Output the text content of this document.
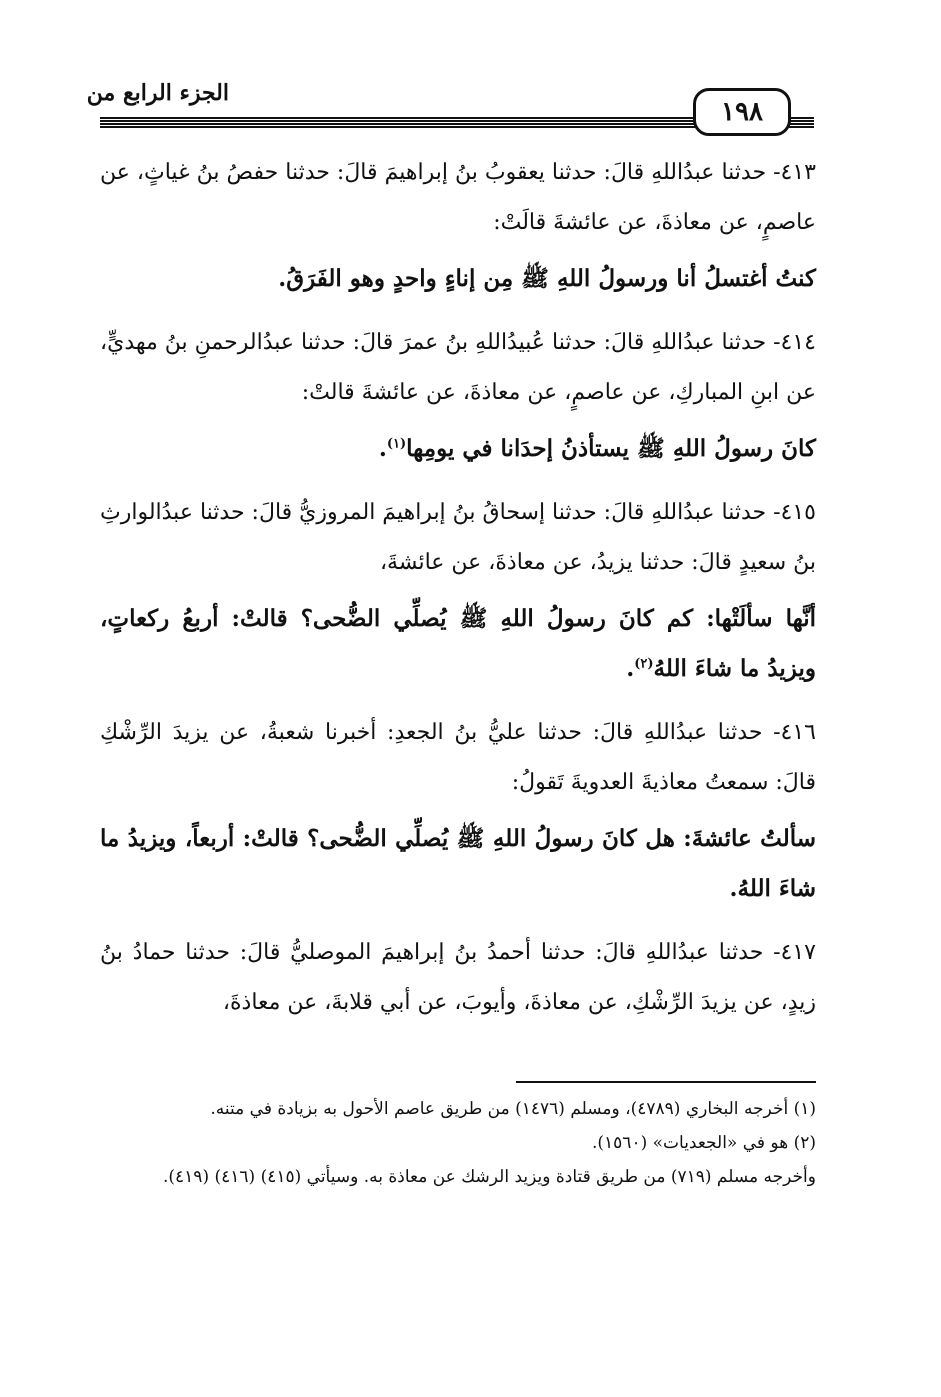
الجزء الرابع من
١٩٨

٤١٣- حدثنا عبدُاللهِ قالَ: حدثنا يعقوبُ بنُ إبراهيمَ قالَ: حدثنا حفصُ بنُ غياثٍ، عن عاصمٍ، عن معاذةَ، عن عائشةَ قالَتْ:

كنتُ أغتسلُ أنا ورسولُ اللهِ ﷺ مِن إناءٍ واحدٍ وهو الفَرَقُ.

٤١٤- حدثنا عبدُاللهِ قالَ: حدثنا عُبيدُاللهِ بنُ عمرَ قالَ: حدثنا عبدُالرحمنِ بنُ مهديٍّ، عن ابنِ المباركِ، عن عاصمٍ، عن معاذةَ، عن عائشةَ قالتْ:

كانَ رسولُ اللهِ ﷺ يستأذنُ إحدَانا في يومِها$^{(١)}$.

٤١٥- حدثنا عبدُاللهِ قالَ: حدثنا إسحاقُ بنُ إبراهيمَ المروزيُّ قالَ: حدثنا عبدُالوارثِ بنُ سعيدٍ قالَ: حدثنا يزيدُ، عن معاذةَ، عن عائشةَ،

أنَّها سألَتْها: كم كانَ رسولُ اللهِ ﷺ يُصلِّي الضُّحى؟ قالتْ: أربعُ ركعاتٍ، ويزيدُ ما شاءَ اللهُ$^{(٢)}$.

٤١٦- حدثنا عبدُاللهِ قالَ: حدثنا عليُّ بنُ الجعدِ: أخبرنا شعبةُ، عن يزيدَ الرِّشْكِ قالَ: سمعتُ معاذيةَ العدويةَ تَقولُ:

سألتُ عائشةَ: هل كانَ رسولُ اللهِ ﷺ يُصلِّي الضُّحى؟ قالتْ: أربعاً، ويزيدُ ما شاءَ اللهُ.

٤١٧- حدثنا عبدُاللهِ قالَ: حدثنا أحمدُ بنُ إبراهيمَ الموصليُّ قالَ: حدثنا حمادُ بنُ زيدٍ، عن يزيدَ الرِّشْكِ، عن معاذةَ، وأيوبَ، عن أبي قلابةَ، عن معاذةَ،

(١) أخرجه البخاري (٤٧٨٩)، ومسلم (١٤٧٦) من طريق عاصم الأحول به بزيادة في متنه.

(٢) هو في «الجعديات» (١٥٦٠).

وأخرجه مسلم (٧١٩) من طريق قتادة ويزيد الرشك عن معاذة به. وسيأتي (٤١٥) (٤١٦) (٤١٩).
